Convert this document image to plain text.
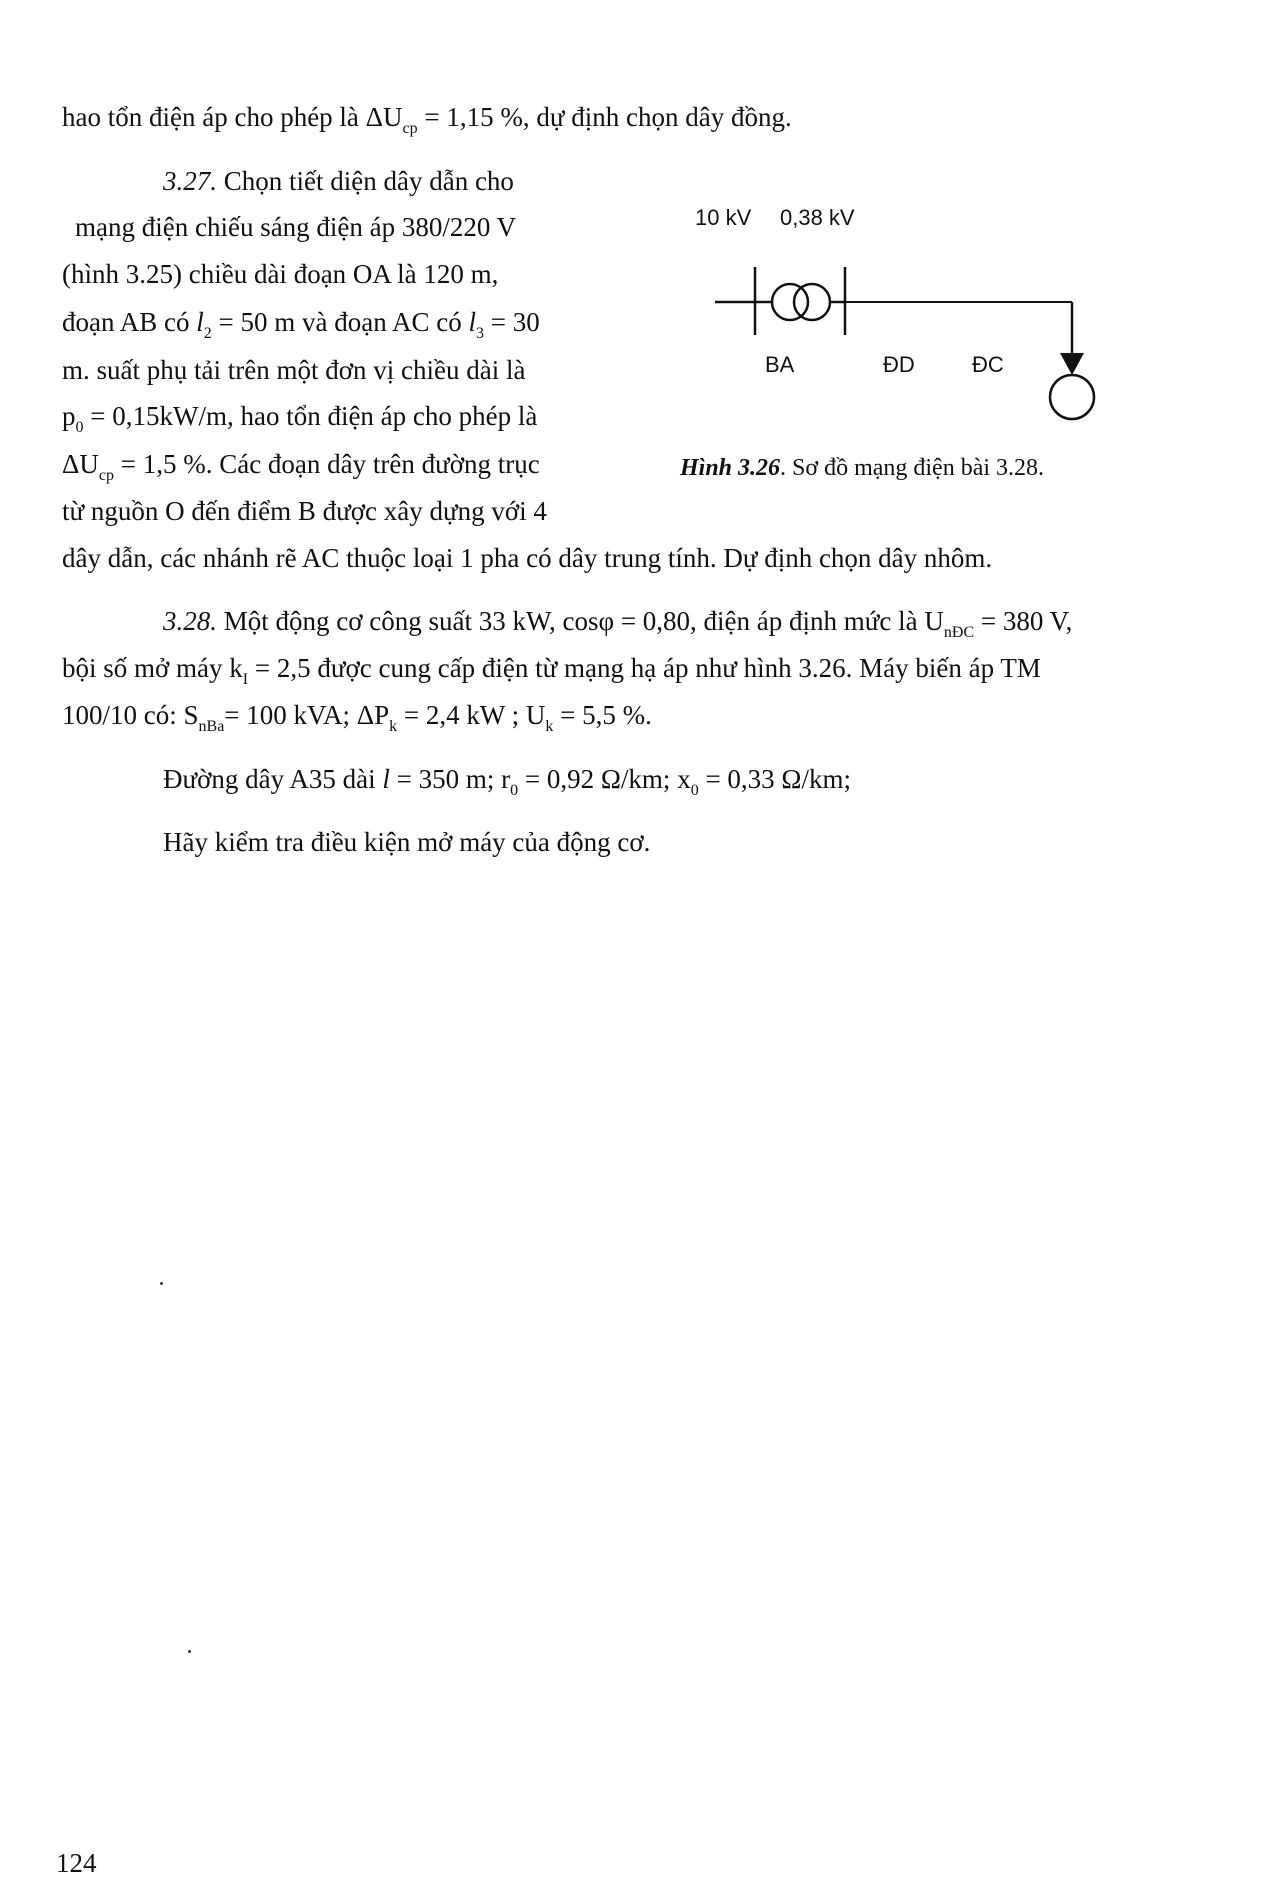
hao tổn điện áp cho phép là $\Delta U_{cp} = 1,15$ %, dự định chọn dây đồng.
3.27. Chọn tiết diện dây dẫn cho
mạng điện chiếu sáng điện áp 380/220 V
(hình 3.25) chiều dài đoạn OA là 120 m,
đoạn AB có $l_2 = 50$ m và đoạn AC có $l_3 = 30$
m. suất phụ tải trên một đơn vị chiều dài là
$p_0 = 0,15kW/m$, hao tổn điện áp cho phép là
$\Delta U_{cp} = 1,5$ %. Các đoạn dây trên đường trục
từ nguồn O đến điểm B được xây dựng với 4
dây dẫn, các nhánh rẽ AC thuộc loại 1 pha có dây trung tính. Dự định chọn dây nhôm.
10 kV 0,38 kV
BA	ĐD	ĐC
Hình 3.26. Sơ đồ mạng điện bài 3.28.
3.28. Một động cơ công suất 33 kW, cosφ = 0,80, điện áp định mức là $U_{nĐC} = 380$ V,
bội số mở máy $k_I = 2,5$ được cung cấp điện từ mạng hạ áp như hình 3.26. Máy biến áp TM
100/10 có: $S_{nBa}= 100$ kVA; $\Delta P_k = 2,4$ kW ; $U_k = 5,5$ %.
Đường dây A35 dài l = 350 m; $r_0 = 0,92$ Ω/km; $x_0 = 0,33$ Ω/km;
Hãy kiểm tra điều kiện mở máy của động cơ.
124
